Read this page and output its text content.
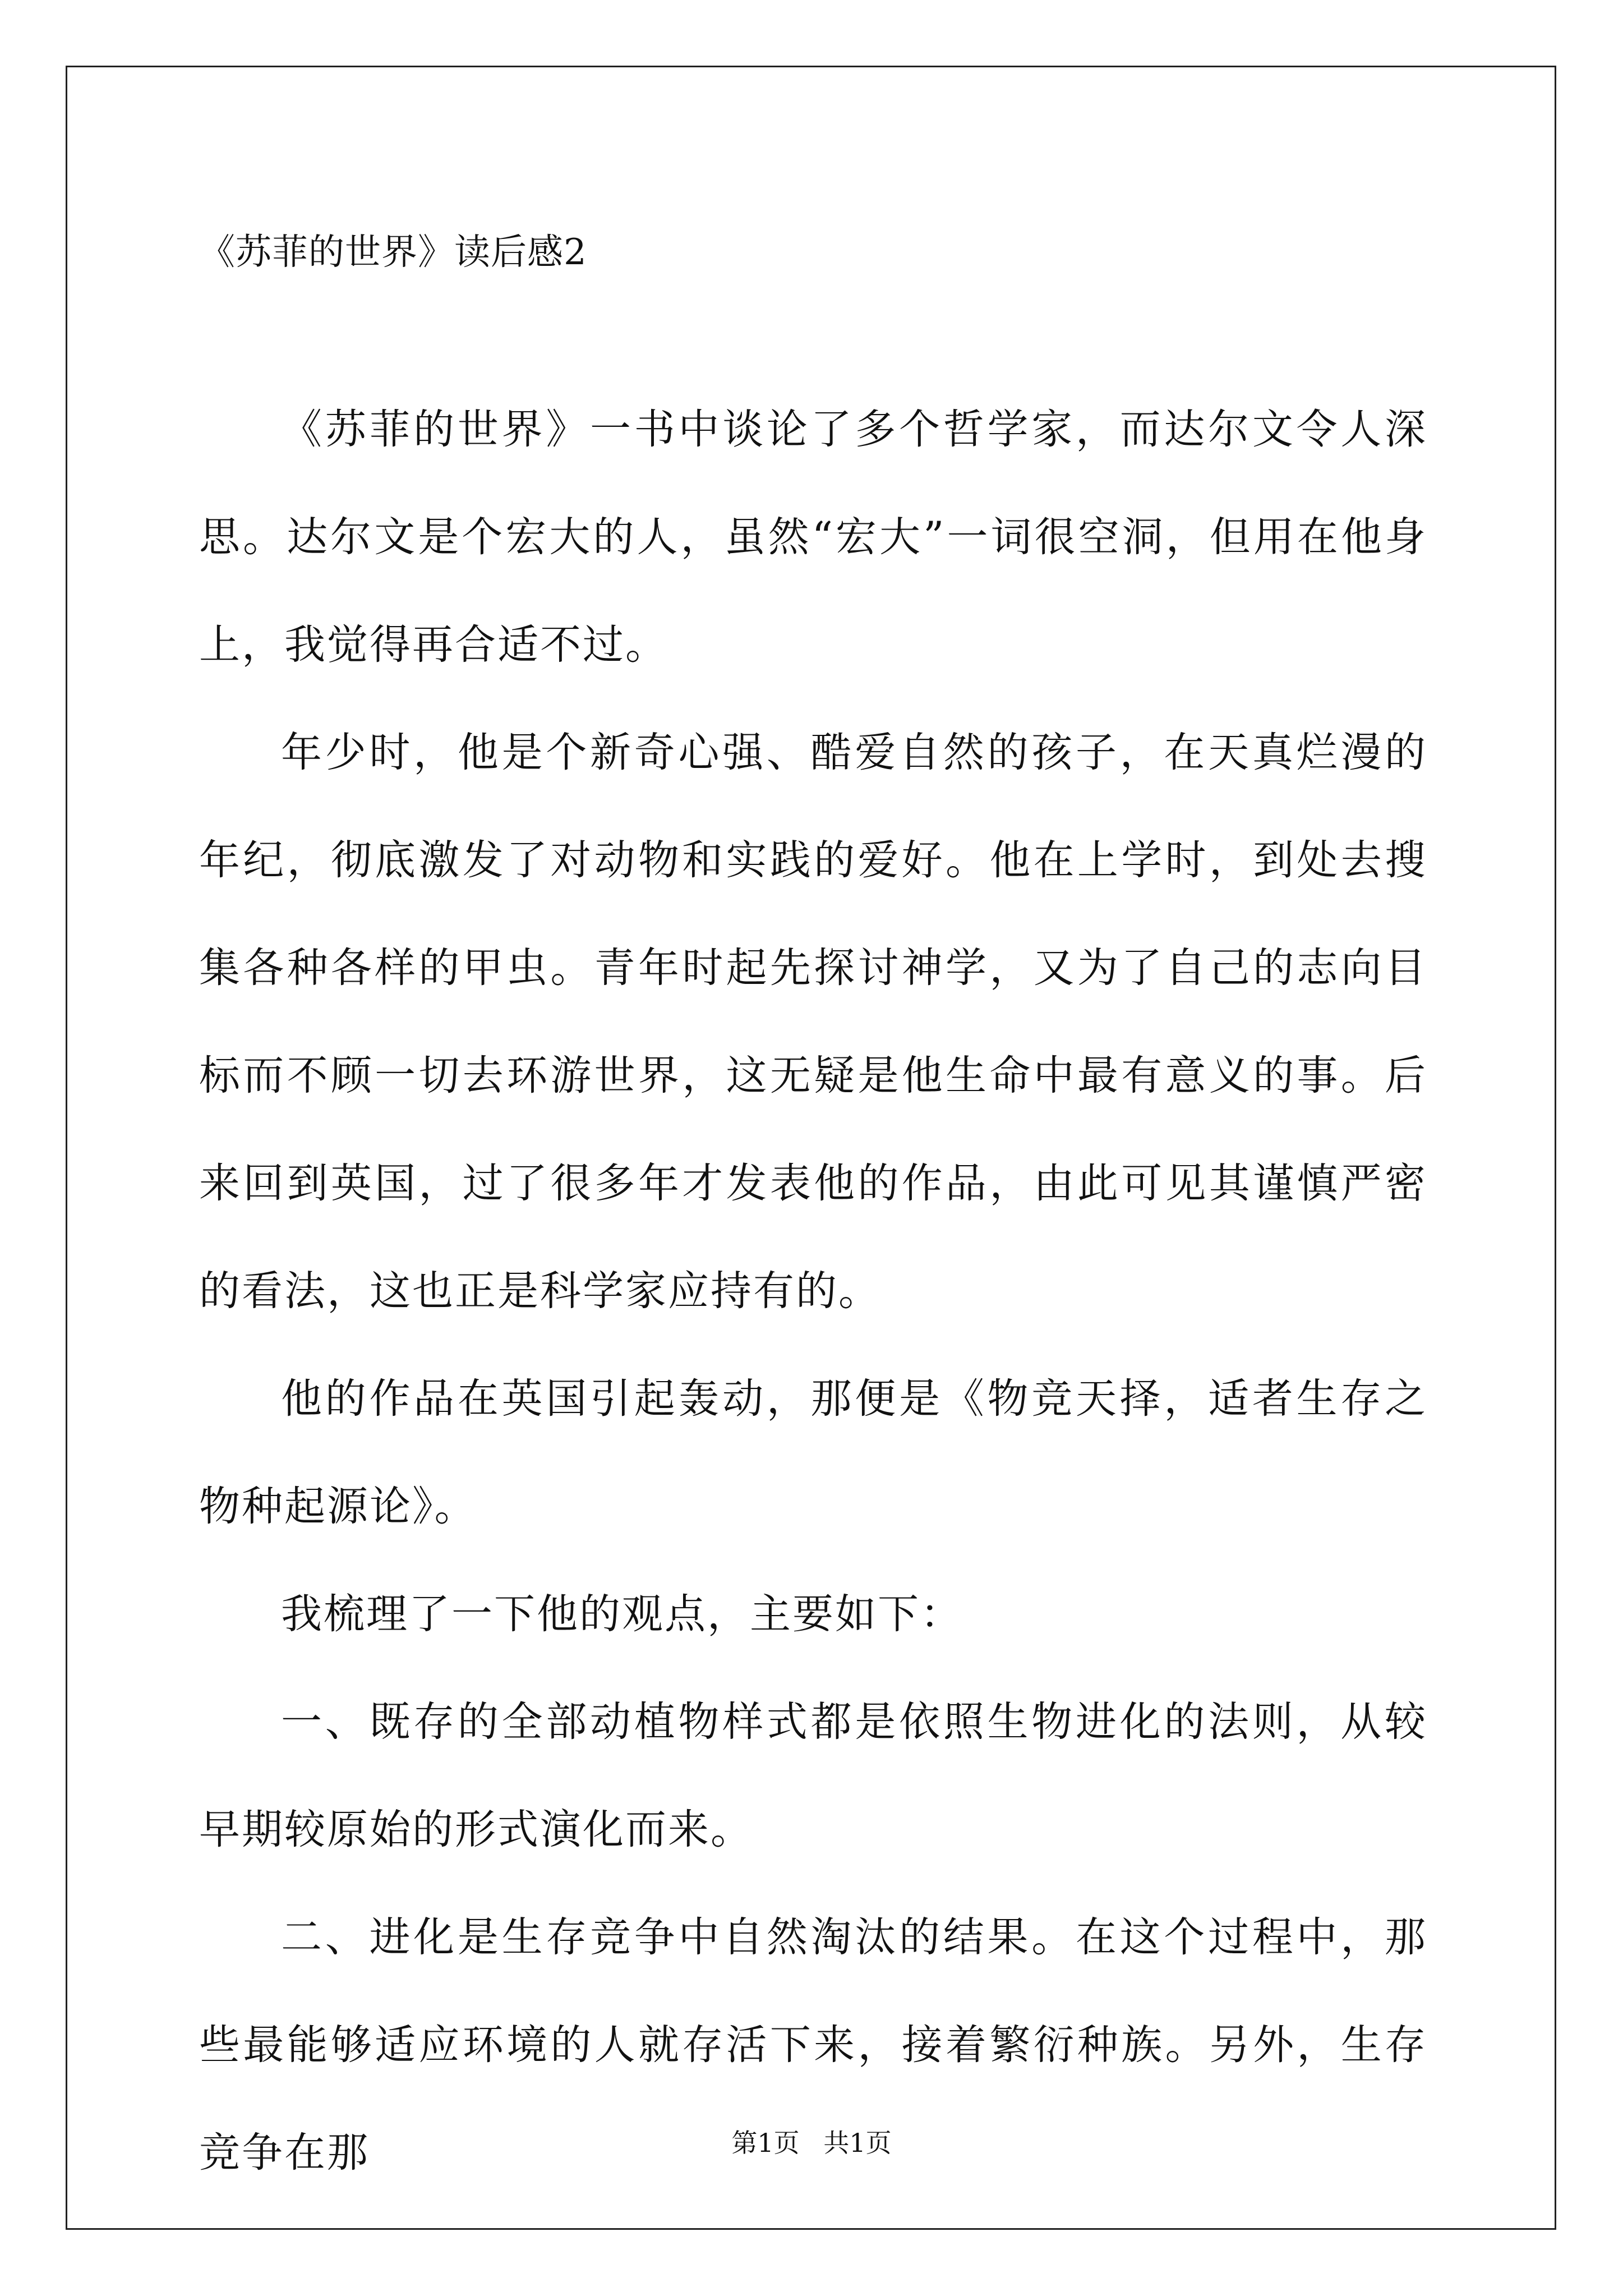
《苏菲的世界》读后感2

《苏菲的世界》一书中谈论了多个哲学家，而达尔文令人深思。达尔文是个宏大的人，虽然“宏大”一词很空洞，但用在他身上，我觉得再合适不过。

年少时，他是个新奇心强、酷爱自然的孩子，在天真烂漫的年纪，彻底激发了对动物和实践的爱好。他在上学时，到处去搜集各种各样的甲虫。青年时起先探讨神学，又为了自己的志向目标而不顾一切去环游世界，这无疑是他生命中最有意义的事。后来回到英国，过了很多年才发表他的作品，由此可见其谨慎严密的看法，这也正是科学家应持有的。

他的作品在英国引起轰动，那便是《物竞天择，适者生存之物种起源论》。

我梳理了一下他的观点，主要如下：

一、既存的全部动植物样式都是依照生物进化的法则，从较早期较原始的形式演化而来。

二、进化是生存竞争中自然淘汰的结果。在这个过程中，那些最能够适应环境的人就存活下来，接着繁衍种族。另外，生存竞争在那	第1页 共1页
